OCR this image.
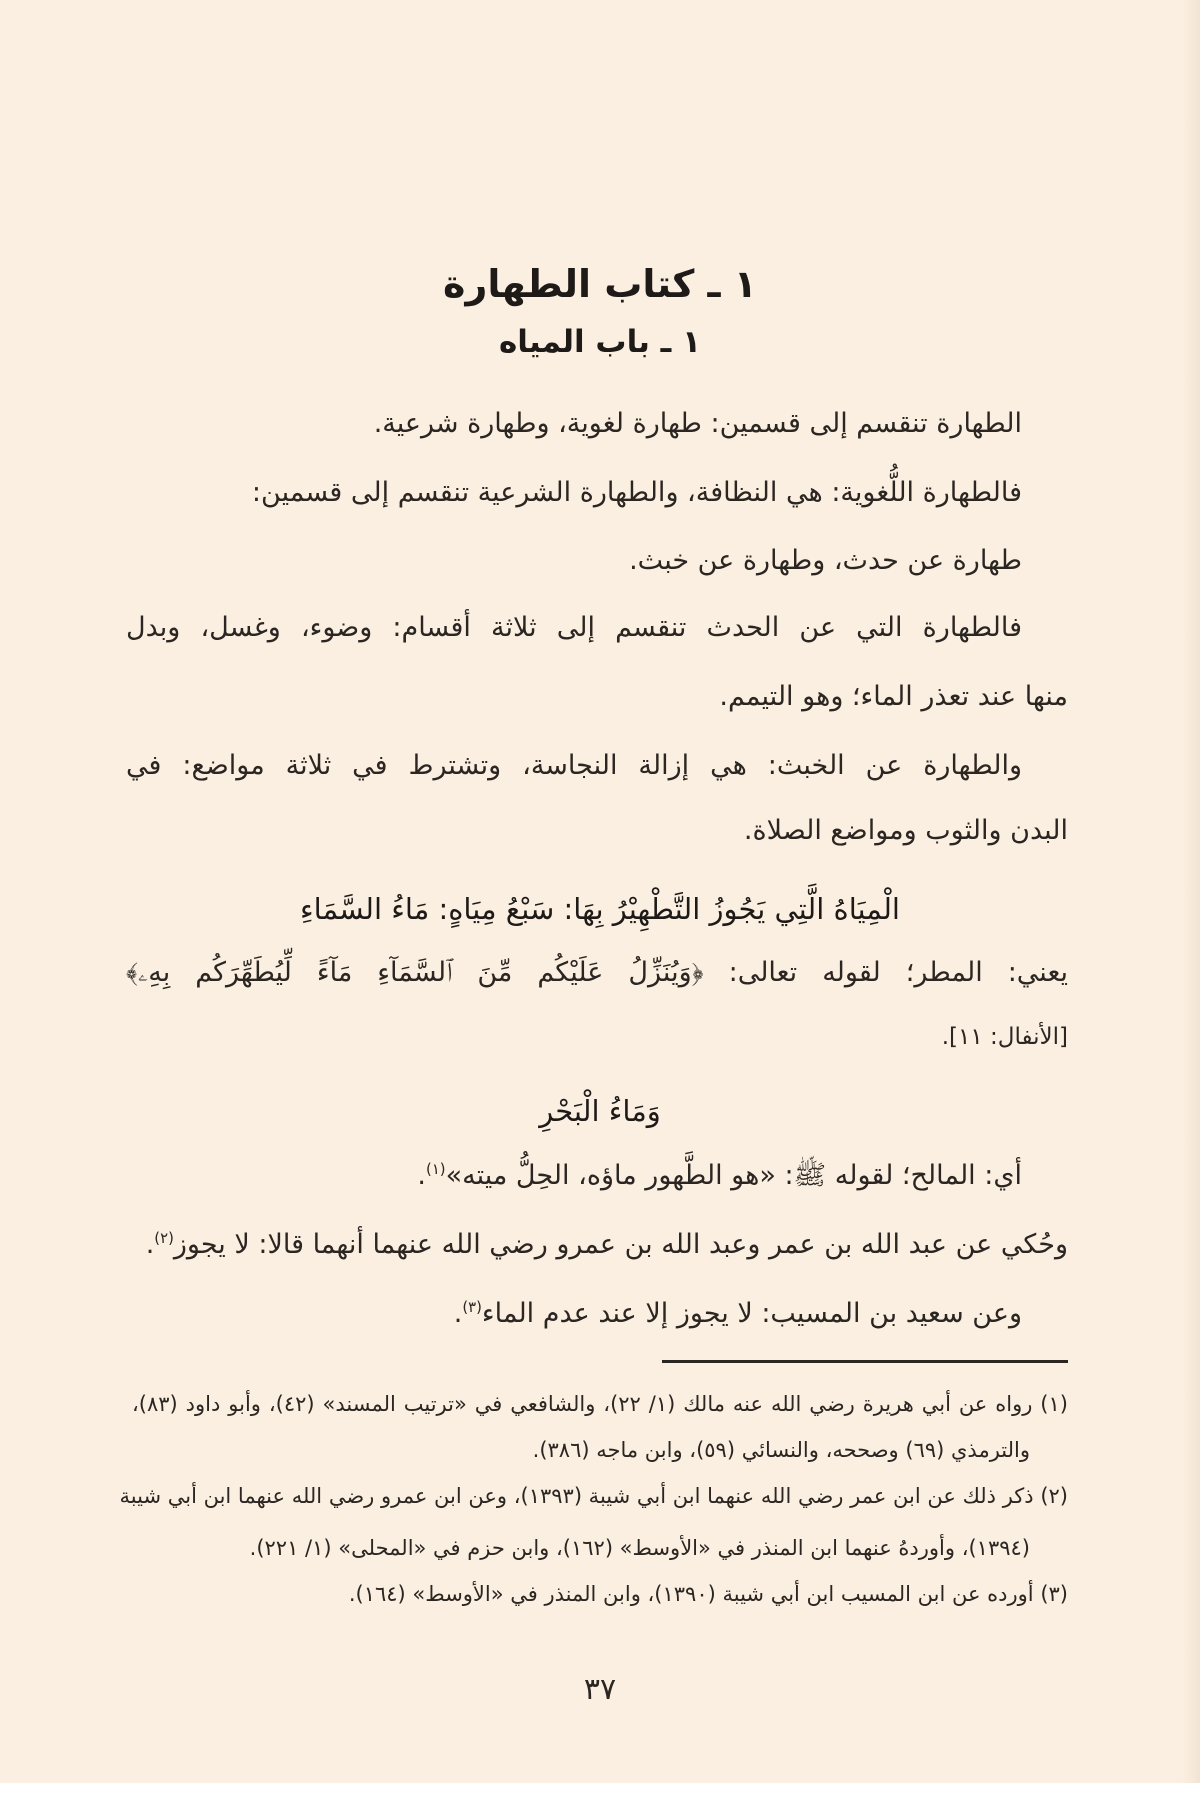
١ ـ كتاب الطهارة
١ ـ باب المياه
الطهارة تنقسم إلى قسمين: طهارة لغوية، وطهارة شرعية.
فالطهارة اللُّغوية: هي النظافة، والطهارة الشرعية تنقسم إلى قسمين:
طهارة عن حدث، وطهارة عن خبث.
فالطهارة التي عن الحدث تنقسم إلى ثلاثة أقسام: وضوء، وغسل، وبدل
منها عند تعذر الماء؛ وهو التيمم.
والطهارة عن الخبث: هي إزالة النجاسة، وتشترط في ثلاثة مواضع: في
البدن والثوب ومواضع الصلاة.
الْمِيَاهُ الَّتِي يَجُوزُ التَّطْهِيْرُ بِهَا: سَبْعُ مِيَاهٍ: مَاءُ السَّمَاءِ
يعني: المطر؛ لقوله تعالى: ﴿وَيُنَزِّلُ عَلَيْكُم مِّنَ ٱلسَّمَآءِ مَآءً لِّيُطَهِّرَكُم بِهِۦ﴾
[الأنفال: ١١].
وَمَاءُ الْبَحْرِ
أي: المالح؛ لقوله ﷺ: «هو الطَّهور ماؤه، الحِلُّ ميته»$^{(١)}$.
وحُكي عن عبد الله بن عمر وعبد الله بن عمرو رضي الله عنهما أنهما قالا: لا يجوز$^{(٢)}$.
وعن سعيد بن المسيب: لا يجوز إلا عند عدم الماء$^{(٣)}$.
(١) رواه عن أبي هريرة رضي الله عنه مالك (١/ ٢٢)، والشافعي في «ترتيب المسند» (٤٢)، وأبو داود (٨٣)،
والترمذي (٦٩) وصححه، والنسائي (٥٩)، وابن ماجه (٣٨٦).
(٢) ذكر ذلك عن ابن عمر رضي الله عنهما ابن أبي شيبة (١٣٩٣)، وعن ابن عمرو رضي الله عنهما ابن أبي شيبة
(١٣٩٤)، وأوردهُ عنهما ابن المنذر في «الأوسط» (١٦٢)، وابن حزم في «المحلى» (١/ ٢٢١).
(٣) أورده عن ابن المسيب ابن أبي شيبة (١٣٩٠)، وابن المنذر في «الأوسط» (١٦٤).
٣٧
